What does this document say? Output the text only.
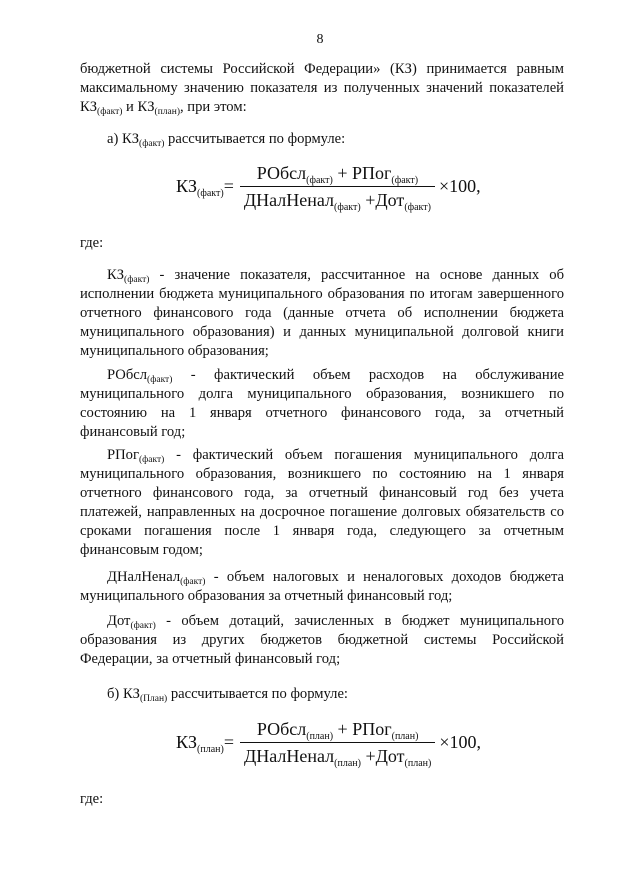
8

бюджетной системы Российской Федерации» (КЗ) принимается равным максимальному значению показателя из полученных значений показателей $КЗ_{(факт)}$ и $КЗ_{(план)}$, при этом:

а) $КЗ_{(факт)}$ рассчитывается по формуле:

$КЗ_{(факт)}= \frac{РОбсл_{(факт)} + РПог_{(факт)}}{ДНалНенал_{(факт)} +Дот_{(факт)}} \times 100$,

где:

$КЗ_{(факт)}$ - значение показателя, рассчитанное на основе данных об исполнении бюджета муниципального образования по итогам завершенного отчетного финансового года (данные отчета об исполнении бюджета муниципального образования) и данных муниципальной долговой книги муниципального образования;

РОбсл$_{(факт)}$ - фактический объем расходов на обслуживание муниципального долга муниципального образования, возникшего по состоянию на 1 января отчетного финансового года, за отчетный финансовый год;

РПог$_{(факт)}$ - фактический объем погашения муниципального долга муниципального образования, возникшего по состоянию на 1 января отчетного финансового года, за отчетный финансовый год без учета платежей, направленных на досрочное погашение долговых обязательств со сроками погашения после 1 января года, следующего за отчетным финансовым годом;

ДНалНенал$_{(факт)}$ - объем налоговых и неналоговых доходов бюджета муниципального образования за отчетный финансовый год;

Дот$_{(факт)}$ - объем дотаций, зачисленных в бюджет муниципального образования из других бюджетов бюджетной системы Российской Федерации, за отчетный финансовый год;

б) $КЗ_{(План)}$ рассчитывается по формуле:

$КЗ_{(план)}= \frac{РОбсл_{(план)} + РПог_{(план)}}{ДНалНенал_{(план)} +Дот_{(план)}} \times 100$,

где:
